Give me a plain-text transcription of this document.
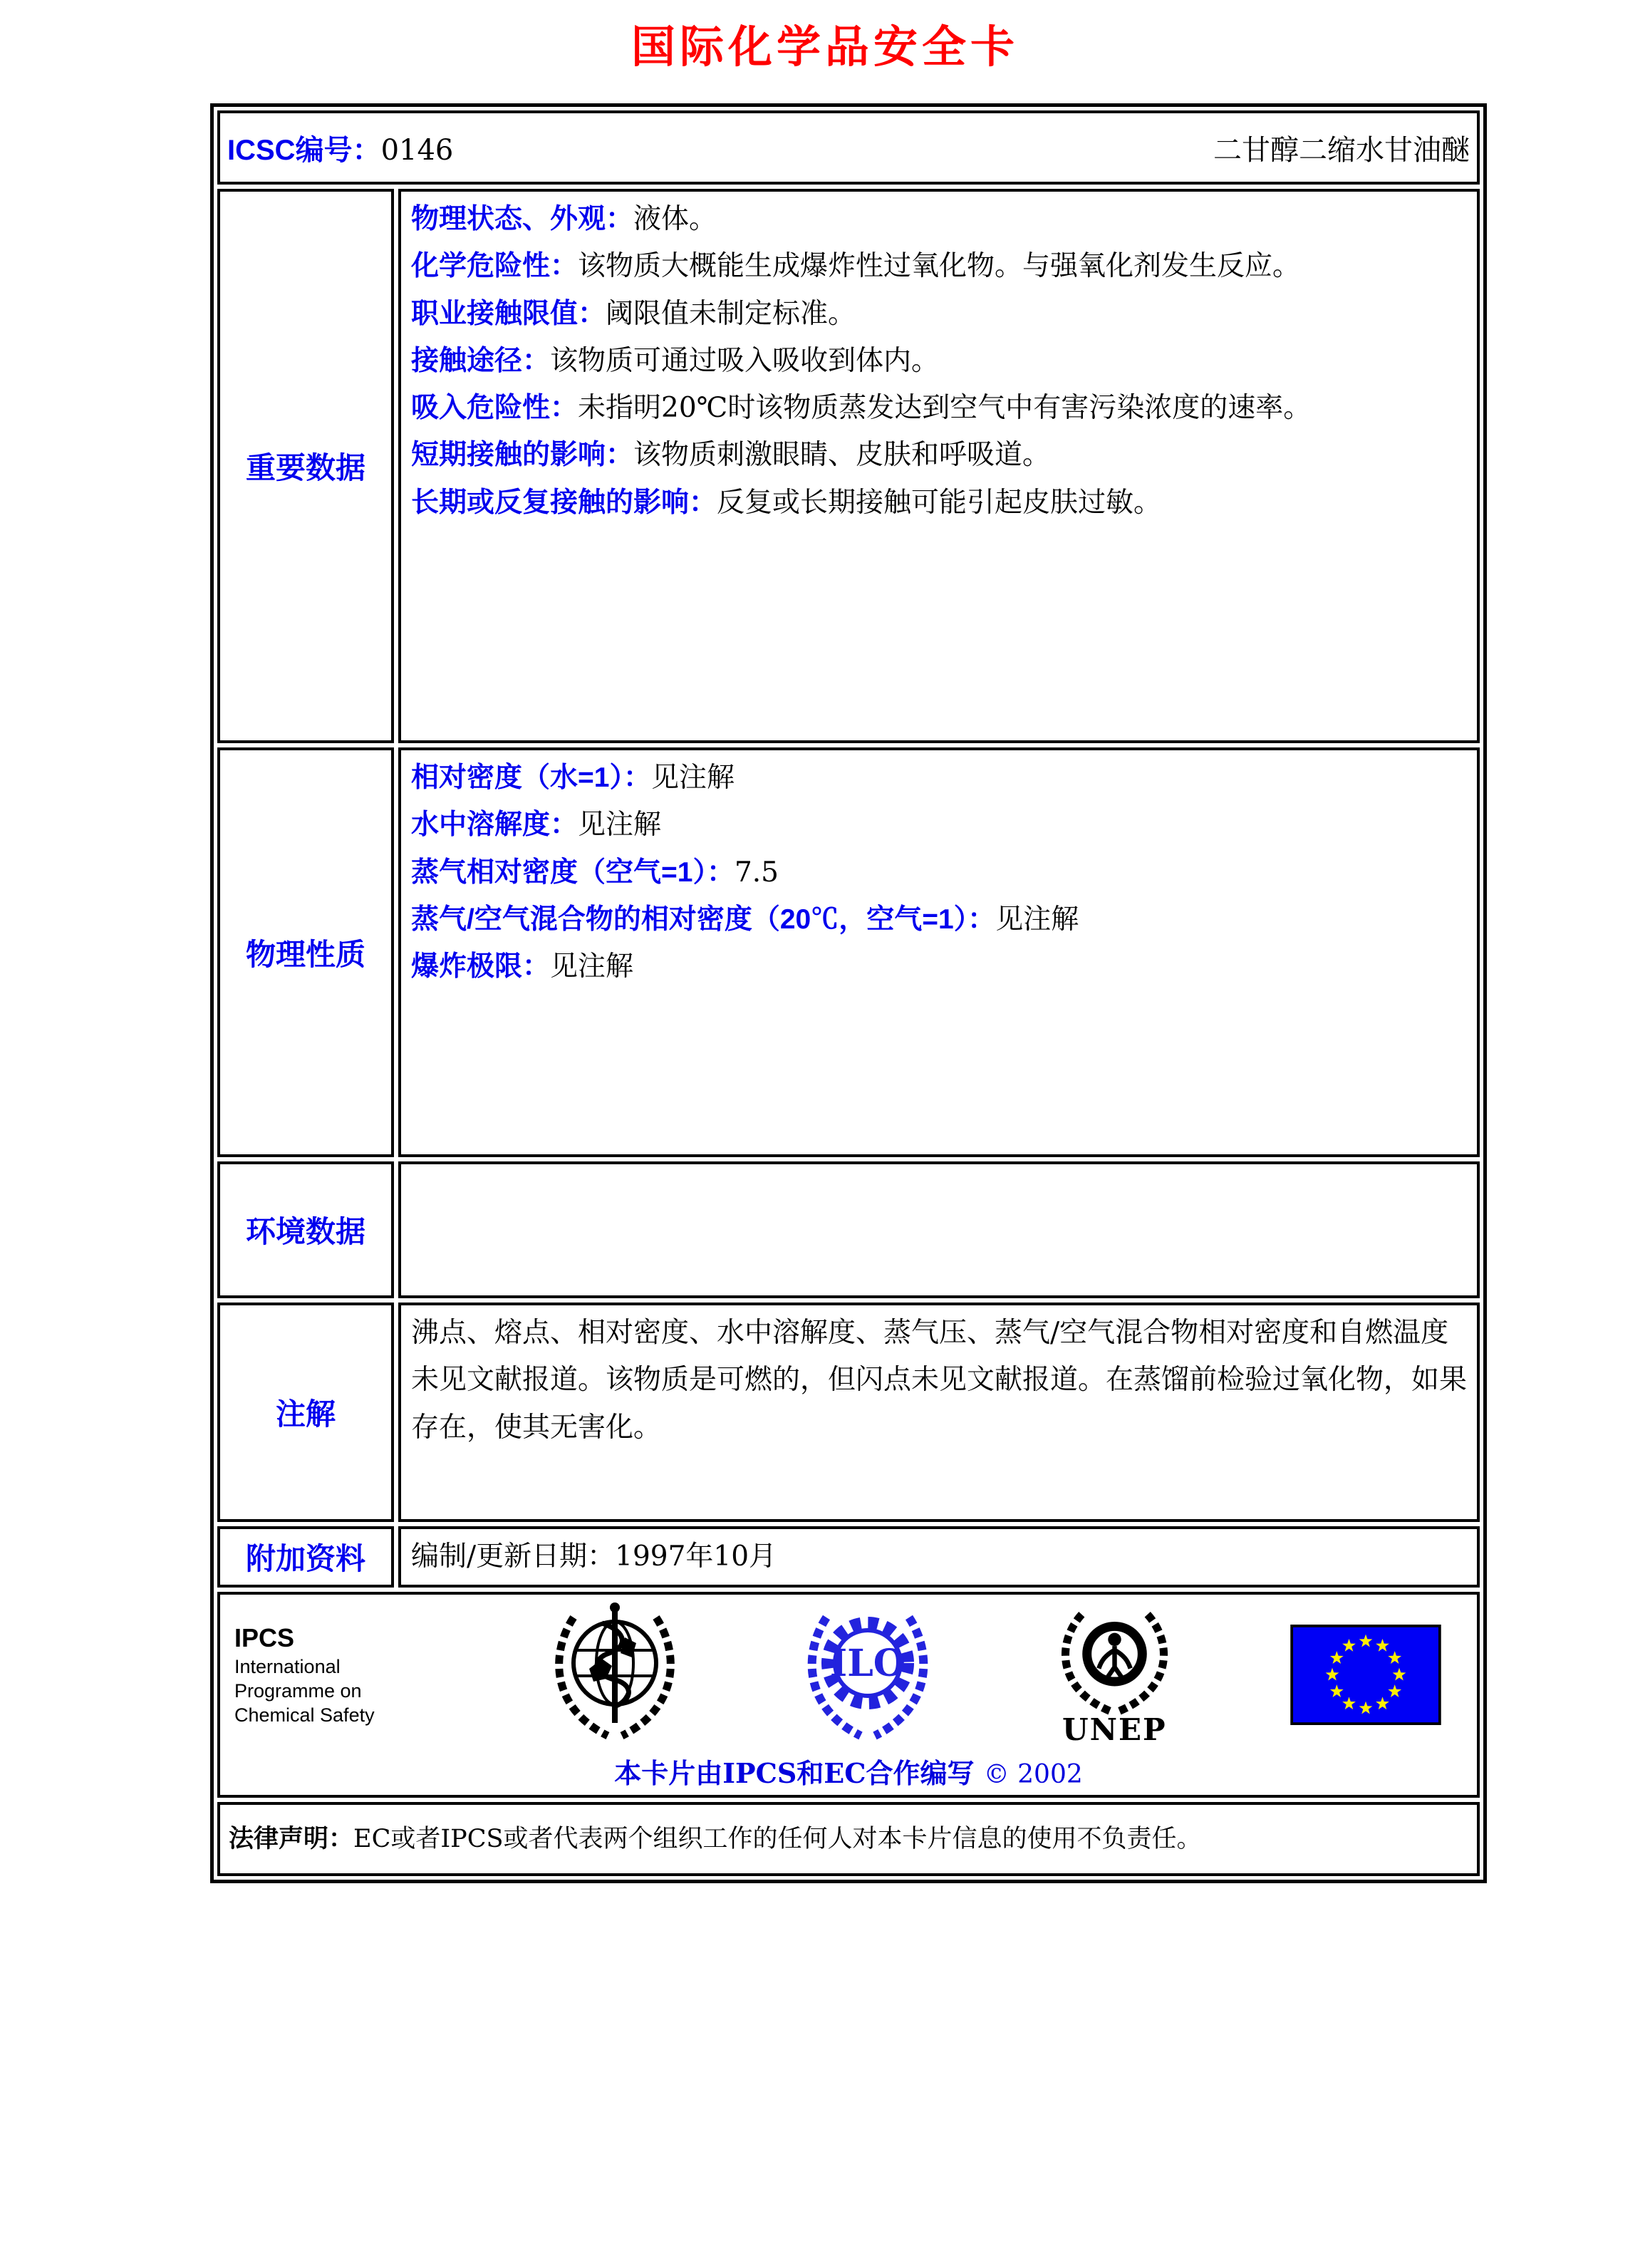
国际化学品安全卡
ICSC编号：0146	二甘醇二缩水甘油醚
重要数据
物理状态、外观：液体。
化学危险性：该物质大概能生成爆炸性过氧化物。与强氧化剂发生反应。
职业接触限值：阈限值未制定标准。
接触途径：该物质可通过吸入吸收到体内。
吸入危险性：未指明20℃时该物质蒸发达到空气中有害污染浓度的速率。
短期接触的影响：该物质刺激眼睛、皮肤和呼吸道。
长期或反复接触的影响：反复或长期接触可能引起皮肤过敏。
物理性质
相对密度（水=1）：见注解
水中溶解度：见注解
蒸气相对密度（空气=1）：7.5
蒸气/空气混合物的相对密度（20℃，空气=1）：见注解
爆炸极限：见注解
环境数据
注解
沸点、熔点、相对密度、水中溶解度、蒸气压、蒸气/空气混合物相对密度和自燃温度未见文献报道。该物质是可燃的，但闪点未见文献报道。在蒸馏前检验过氧化物，如果存在，使其无害化。
附加资料 编制/更新日期：1997年10月
IPCS
International
Programme on
Chemical Safety
ILO
UNEP
本卡片由IPCS和EC合作编写 © 2002
法律声明：EC或者IPCS或者代表两个组织工作的任何人对本卡片信息的使用不负责任。
